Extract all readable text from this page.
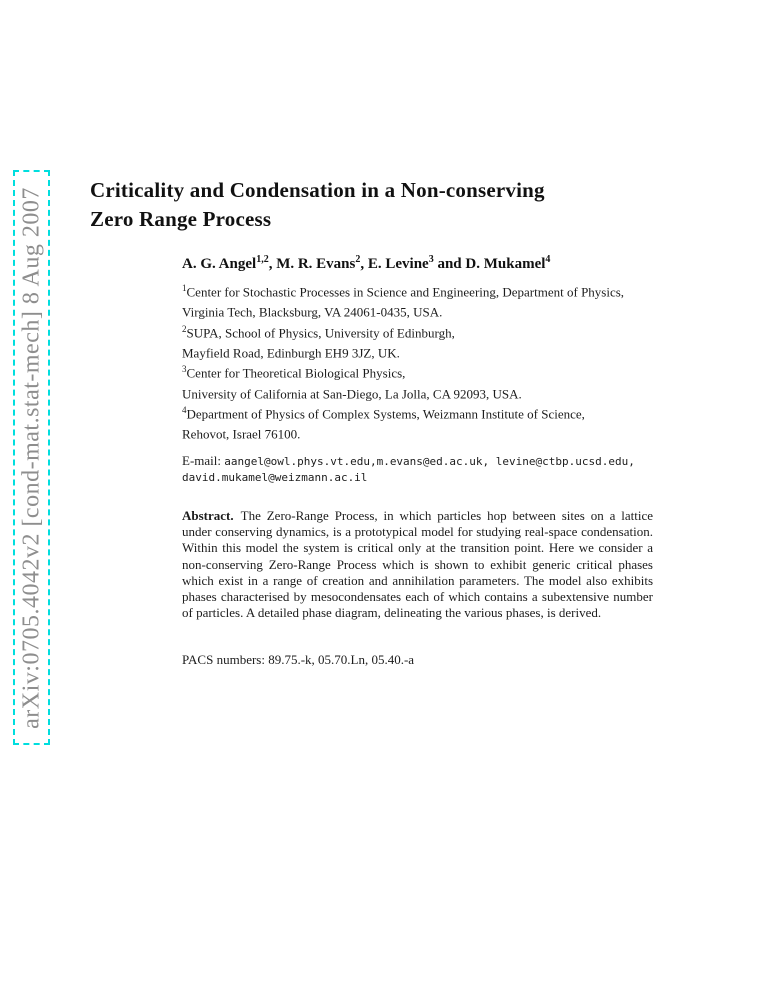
arXiv:0705.4042v2 [cond-mat.stat-mech] 8 Aug 2007 Criticality and Condensation in a Non-conserving
Zero Range Process
A. G. Angel$^{1,2}$, M. R. Evans$^2$, E. Levine$^3$ and D. Mukamel$^4$
$^1$Center for Stochastic Processes in Science and Engineering, Department of Physics,
Virginia Tech, Blacksburg, VA 24061-0435, USA.
$^2$SUPA, School of Physics, University of Edinburgh,
Mayfield Road, Edinburgh EH9 3JZ, UK.
$^3$Center for Theoretical Biological Physics,
University of California at San-Diego, La Jolla, CA 92093, USA.
$^4$Department of Physics of Complex Systems, Weizmann Institute of Science,
Rehovot, Israel 76100.
E-mail: aangel@owl.phys.vt.edu,m.evans@ed.ac.uk, levine@ctbp.ucsd.edu,
david.mukamel@weizmann.ac.il
Abstract. The Zero-Range Process, in which particles hop between sites on a lattice under conserving dynamics, is a prototypical model for studying real-space condensation. Within this model the system is critical only at the transition point. Here we consider a non-conserving Zero-Range Process which is shown to exhibit generic critical phases which exist in a range of creation and annihilation parameters. The model also exhibits phases characterised by mesocondensates each of which contains a subextensive number of particles. A detailed phase diagram, delineating the various phases, is derived.
PACS numbers: 89.75.-k, 05.70.Ln, 05.40.-a
